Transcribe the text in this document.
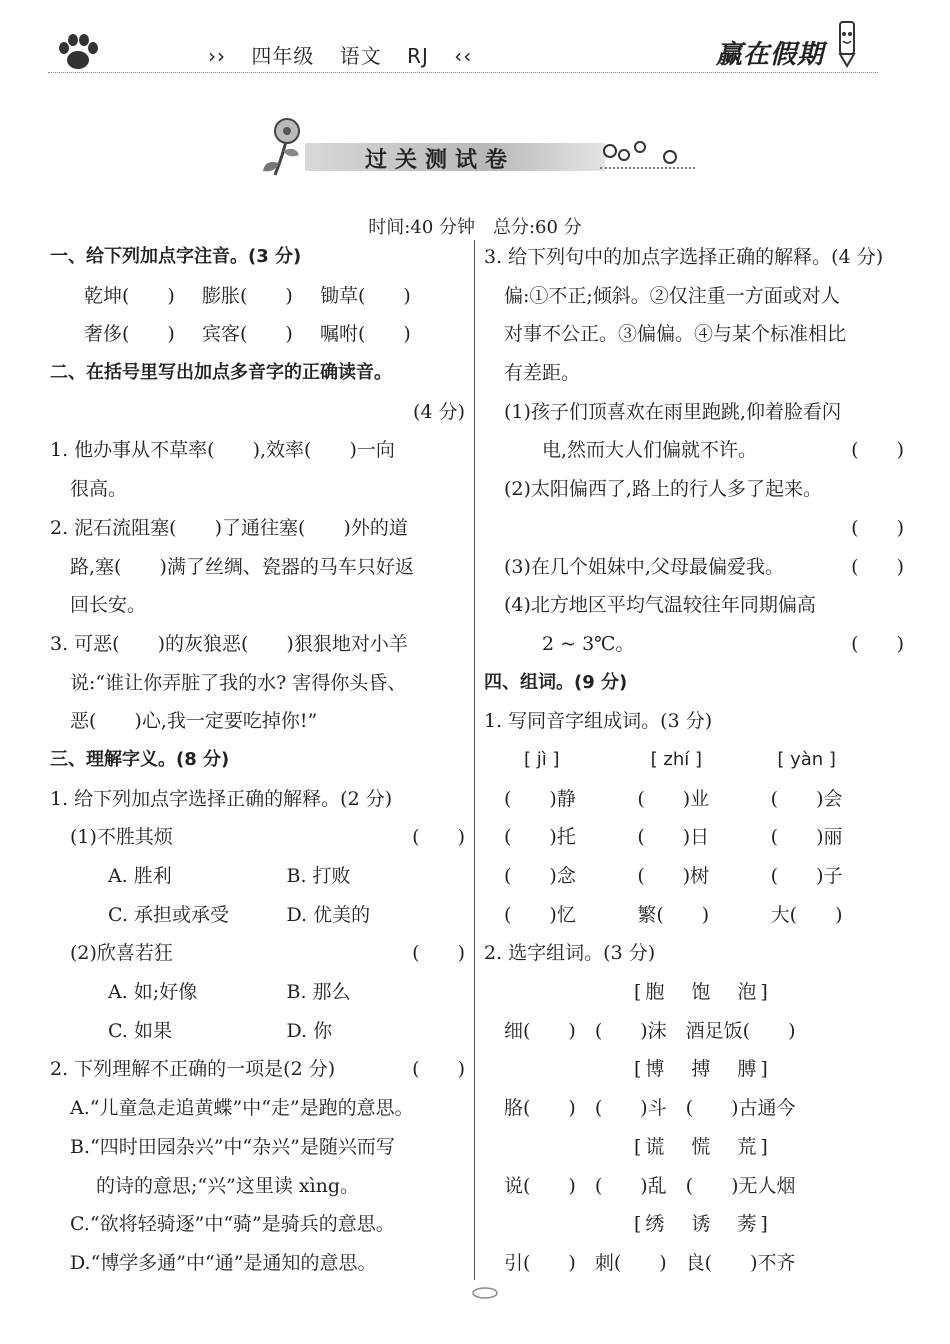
›› 四年级 语文 RJ ‹‹	赢在假期
过关测试卷
时间:40 分钟　总分:60 分
一、给下列加点字注音。(3 分)
乾坤(　　)	膨胀(　　)	锄草(　　)
奢侈(　　)	宾客(　　)	嘱咐(　　)
二、在括号里写出加点多音字的正确读音。
(4 分)
1. 他办事从不草率(　　),效率(　　)一向
很高。
2. 泥石流阻塞(　　)了通往塞(　　)外的道
路,塞(　　)满了丝绸、瓷器的马车只好返
回长安。
3. 可恶(　　)的灰狼恶(　　)狠狠地对小羊
说:“谁让你弄脏了我的水? 害得你头昏、
恶(　　)心,我一定要吃掉你!”
三、理解字义。(8 分)
1. 给下列加点字选择正确的解释。(2 分)
(1)不胜其烦	(　　)
A. 胜利	B. 打败
C. 承担或承受	D. 优美的
(2)欣喜若狂	(　　)
A. 如;好像	B. 那么
C. 如果	D. 你
2. 下列理解不正确的一项是(2 分)	(　　)
A.“儿童急走追黄蝶”中“走”是跑的意思。
B.“四时田园杂兴”中“杂兴”是随兴而写
的诗的意思;“兴”这里读 xìng。
C.“欲将轻骑逐”中“骑”是骑兵的意思。
D.“博学多通”中“通”是通知的意思。
3. 给下列句中的加点字选择正确的解释。(4 分)
偏:①不正;倾斜。②仅注重一方面或对人
对事不公正。③偏偏。④与某个标准相比
有差距。
(1)孩子们顶喜欢在雨里跑跳,仰着脸看闪
电,然而大人们偏就不许。	(　　)
(2)太阳偏西了,路上的行人多了起来。
(　　)
(3)在几个姐妹中,父母最偏爱我。	(　　)
(4)北方地区平均气温较往年同期偏高
2 ~ 3℃。	(　　)
四、组词。(9 分)
1. 写同音字组成词。(3 分)
[ jì ]	[ zhí ]	[ yàn ]
(　　)静	(　　)业	(　　)会
(　　)托	(　　)日	(　　)丽
(　　)念	(　　)树	(　　)子
(　　)忆	繁(　　)	大(　　)
2. 选字组词。(3 分)
[胞　饱　泡]
细(　　)　(　　)沫　酒足饭(　　)
[博　搏　膊]
胳(　　)　(　　)斗　(　　)古通今
[谎　慌　荒]
说(　　)　(　　)乱　(　　)无人烟
[绣　诱　莠]
引(　　)　刺(　　)　良(　　)不齐
